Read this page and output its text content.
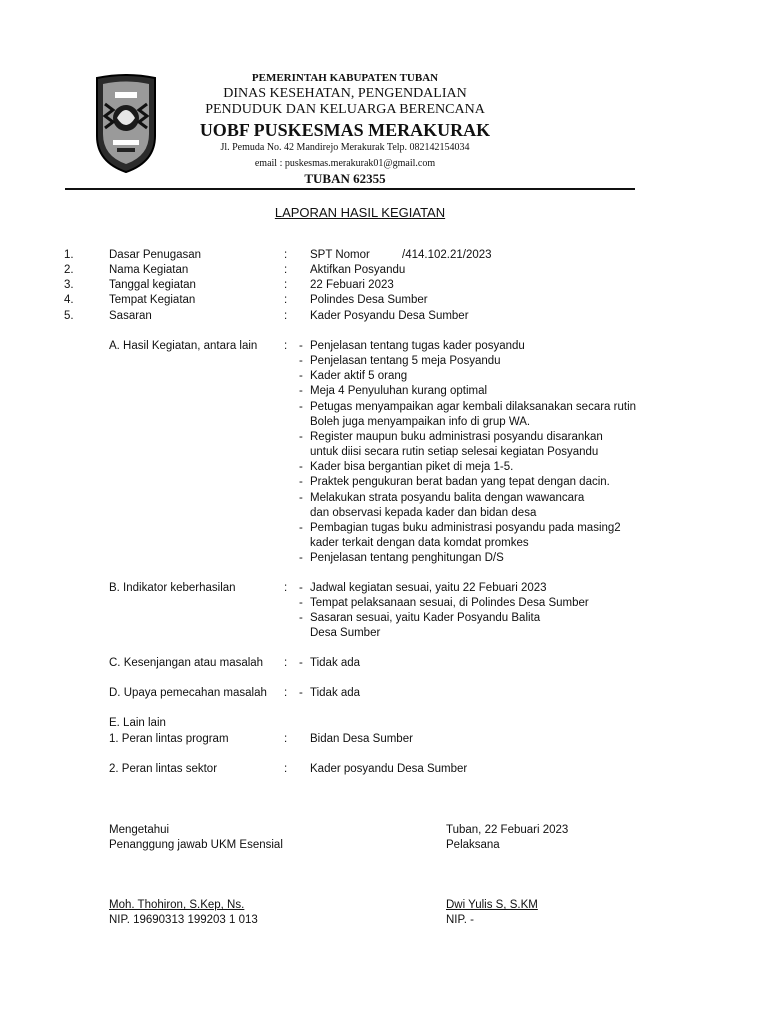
PEMERINTAH KABUPATEN TUBAN
DINAS KESEHATAN, PENGENDALIAN
PENDUDUK DAN KELUARGA BERENCANA
UOBF PUSKESMAS MERAKURAK
Jl. Pemuda No. 42 Mandirejo Merakurak Telp. 082142154034
email : puskesmas.merakurak01@gmail.com
TUBAN 62355
LAPORAN HASIL KEGIATAN
1.	Dasar Penugasan	: SPT Nomor	/414.102.21/2023
2.	Nama Kegiatan	: Aktifkan Posyandu
3.	Tanggal kegiatan	: 22 Febuari 2023
4.	Tempat Kegiatan	: Polindes Desa Sumber
5.	Sasaran	: Kader Posyandu Desa Sumber
A. Hasil Kegiatan, antara lain : - Penjelasan tentang tugas kader posyandu
- Penjelasan tentang 5 meja Posyandu
- Kader aktif 5 orang
- Meja 4 Penyuluhan kurang optimal
- Petugas menyampaikan agar kembali dilaksanakan secara rutin
Boleh juga menyampaikan info di grup WA.
- Register maupun buku administrasi posyandu disarankan
untuk diisi secara rutin setiap selesai kegiatan Posyandu
- Kader bisa bergantian piket di meja 1-5.
- Praktek pengukuran berat badan yang tepat dengan dacin.
- Melakukan strata posyandu balita dengan wawancara
dan observasi kepada kader dan bidan desa
- Pembagian tugas buku administrasi posyandu pada masing2
kader terkait dengan data komdat promkes
- Penjelasan tentang penghitungan D/S
B. Indikator keberhasilan	: - Jadwal kegiatan sesuai, yaitu 22 Febuari 2023
- Tempat pelaksanaan sesuai, di Polindes Desa Sumber
- Sasaran sesuai, yaitu Kader Posyandu Balita
Desa Sumber
C. Kesenjangan atau masalah : - Tidak ada
D. Upaya pemecahan masalah : - Tidak ada
E. Lain lain
1. Peran lintas program	: Bidan Desa Sumber
2. Peran lintas sektor	: Kader posyandu Desa Sumber
Mengetahui
Penanggung jawab UKM Esensial
Moh. Thohiron, S.Kep, Ns.
NIP. 19690313 199203 1 013
Tuban, 22 Febuari 2023
Pelaksana
Dwi Yulis S, S.KM
NIP. -
